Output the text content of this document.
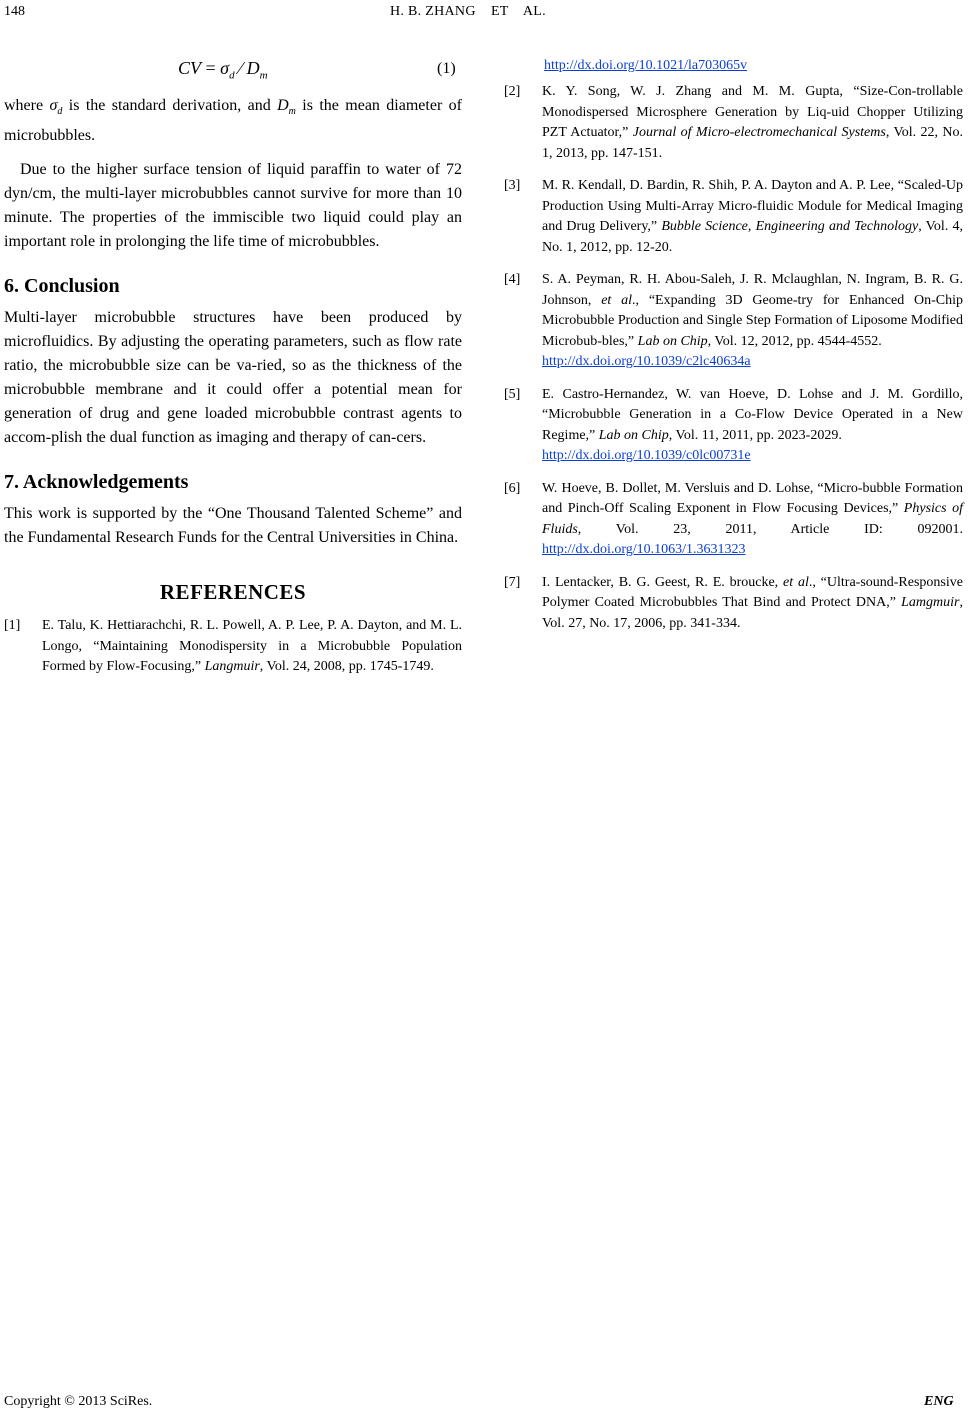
148	H. B. ZHANG    ET    AL.
CV = $\sigma_d$ ⁄ $D_m$	(1)

where $\sigma_d$ is the standard derivation, and $D_m$ is the mean diameter of microbubbles.

Due to the higher surface tension of liquid paraffin to water of 72 dyn/cm, the multi-layer microbubbles cannot survive for more than 10 minute. The properties of the immiscible two liquid could play an important role in prolonging the life time of microbubbles.

6. Conclusion

Multi-layer microbubble structures have been produced by microfluidics. By adjusting the operating parameters, such as flow rate ratio, the microbubble size can be va-ried, so as the thickness of the microbubble membrane and it could offer a potential mean for generation of drug and gene loaded microbubble contrast agents to accom-plish the dual function as imaging and therapy of can-cers.

7. Acknowledgements

This work is supported by the “One Thousand Talented Scheme” and the Fundamental Research Funds for the Central Universities in China.

REFERENCES
[1]	E. Talu, K. Hettiarachchi, R. L. Powell, A. P. Lee, P. A. Dayton, and M. L. Longo, “Maintaining Monodispersity in a Microbubble Population Formed by Flow-Focusing,” Langmuir, Vol. 24, 2008, pp. 1745-1749.
http://dx.doi.org/10.1021/la703065v
[2]	K. Y. Song, W. J. Zhang and M. M. Gupta, “Size-Con-trollable Monodispersed Microsphere Generation by Liq-uid Chopper Utilizing PZT Actuator,” Journal of Micro-electromechanical Systems, Vol. 22, No. 1, 2013, pp. 147-151.
[3]	M. R. Kendall, D. Bardin, R. Shih, P. A. Dayton and A. P. Lee, “Scaled-Up Production Using Multi-Array Micro-fluidic Module for Medical Imaging and Drug Delivery,” Bubble Science, Engineering and Technology, Vol. 4, No. 1, 2012, pp. 12-20.
[4]	S. A. Peyman, R. H. Abou-Saleh, J. R. Mclaughlan, N. Ingram, B. R. G. Johnson, et al., “Expanding 3D Geome-try for Enhanced On-Chip Microbubble Production and Single Step Formation of Liposome Modified Microbub-bles,” Lab on Chip, Vol. 12, 2012, pp. 4544-4552.
http://dx.doi.org/10.1039/c2lc40634a
[5]	E. Castro-Hernandez, W. van Hoeve, D. Lohse and J. M. Gordillo, “Microbubble Generation in a Co-Flow Device Operated in a New Regime,” Lab on Chip, Vol. 11, 2011, pp. 2023-2029.
http://dx.doi.org/10.1039/c0lc00731e
[6]	W. Hoeve, B. Dollet, M. Versluis and D. Lohse, “Micro-bubble Formation and Pinch-Off Scaling Exponent in Flow Focusing Devices,” Physics of Fluids, Vol. 23, 2011, Article ID: 092001. http://dx.doi.org/10.1063/1.3631323
[7]	I. Lentacker, B. G. Geest, R. E. broucke, et al., “Ultra-sound-Responsive Polymer Coated Microbubbles That Bind and Protect DNA,” Lamgmuir, Vol. 27, No. 17, 2006, pp. 341-334.
Copyright © 2013 SciRes.	ENG
